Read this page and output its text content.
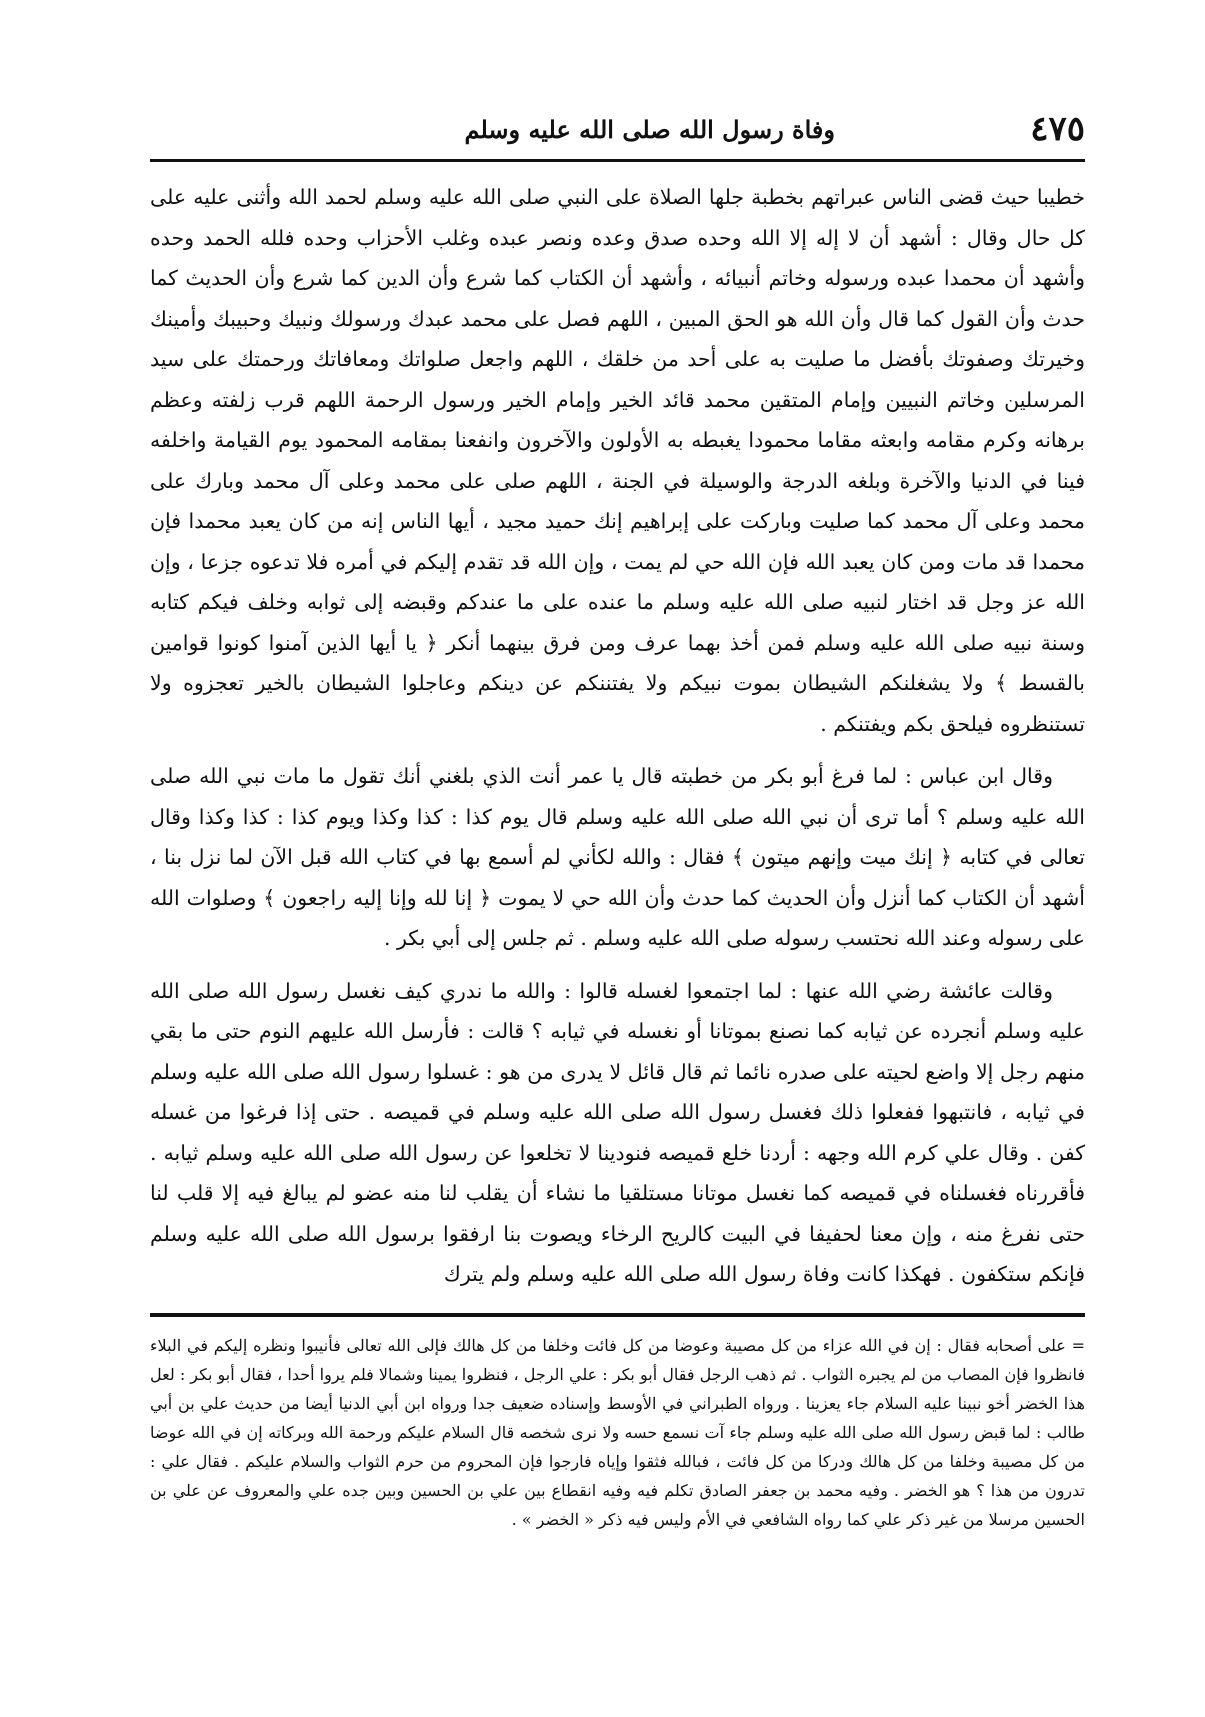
٤٧٥
وفاة رسول الله صلى الله عليه وسلم

خطيبا حيث قضى الناس عبراتهم بخطبة جلها الصلاة على النبي صلى الله عليه وسلم لحمد الله وأثنى عليه على كل حال وقال : أشهد أن لا إله إلا الله وحده صدق وعده ونصر عبده وغلب الأحزاب وحده فلله الحمد وحده وأشهد أن محمدا عبده ورسوله وخاتم أنبيائه ، وأشهد أن الكتاب كما شرع وأن الدين كما شرع وأن الحديث كما حدث وأن القول كما قال وأن الله هو الحق المبين ، اللهم فصل على محمد عبدك ورسولك ونبيك وحبيبك وأمينك وخيرتك وصفوتك بأفضل ما صليت به على أحد من خلقك ، اللهم واجعل صلواتك ومعافاتك ورحمتك على سيد المرسلين وخاتم النبيين وإمام المتقين محمد قائد الخير وإمام الخير ورسول الرحمة اللهم قرب زلفته وعظم برهانه وكرم مقامه وابعثه مقاما محمودا يغبطه به الأولون والآخرون وانفعنا بمقامه المحمود يوم القيامة واخلفه فينا في الدنيا والآخرة وبلغه الدرجة والوسيلة في الجنة ، اللهم صلى على محمد وعلى آل محمد وبارك على محمد وعلى آل محمد كما صليت وباركت على إبراهيم إنك حميد مجيد ، أيها الناس إنه من كان يعبد محمدا فإن محمدا قد مات ومن كان يعبد الله فإن الله حي لم يمت ، وإن الله قد تقدم إليكم في أمره فلا تدعوه جزعا ، وإن الله عز وجل قد اختار لنبيه صلى الله عليه وسلم ما عنده على ما عندكم وقبضه إلى ثوابه وخلف فيكم كتابه وسنة نبيه صلى الله عليه وسلم فمن أخذ بهما عرف ومن فرق بينهما أنكر ﴿ يا أيها الذين آمنوا كونوا قوامين بالقسط ﴾ ولا يشغلنكم الشيطان بموت نبيكم ولا يفتننكم عن دينكم وعاجلوا الشيطان بالخير تعجزوه ولا تستنظروه فيلحق بكم ويفتنكم .

وقال ابن عباس : لما فرغ أبو بكر من خطبته قال يا عمر أنت الذي بلغني أنك تقول ما مات نبي الله صلى الله عليه وسلم ؟ أما ترى أن نبي الله صلى الله عليه وسلم قال يوم كذا : كذا وكذا ويوم كذا : كذا وكذا وقال تعالى في كتابه ﴿ إنك ميت وإنهم ميتون ﴾ فقال : والله لكأني لم أسمع بها في كتاب الله قبل الآن لما نزل بنا ، أشهد أن الكتاب كما أنزل وأن الحديث كما حدث وأن الله حي لا يموت ﴿ إنا لله وإنا إليه راجعون ﴾ وصلوات الله على رسوله وعند الله نحتسب رسوله صلى الله عليه وسلم . ثم جلس إلى أبي بكر .

وقالت عائشة رضي الله عنها : لما اجتمعوا لغسله قالوا : والله ما ندري كيف نغسل رسول الله صلى الله عليه وسلم أنجرده عن ثيابه كما نصنع بموتانا أو نغسله في ثيابه ؟ قالت : فأرسل الله عليهم النوم حتى ما بقي منهم رجل إلا واضع لحيته على صدره نائما ثم قال قائل لا يدرى من هو : غسلوا رسول الله صلى الله عليه وسلم في ثيابه ، فانتبهوا ففعلوا ذلك فغسل رسول الله صلى الله عليه وسلم في قميصه . حتى إذا فرغوا من غسله كفن . وقال علي كرم الله وجهه : أردنا خلع قميصه فنودينا لا تخلعوا عن رسول الله صلى الله عليه وسلم ثيابه . فأقررناه فغسلناه في قميصه كما نغسل موتانا مستلقيا ما نشاء أن يقلب لنا منه عضو لم يبالغ فيه إلا قلب لنا حتى نفرغ منه ، وإن معنا لحفيفا في البيت كالريح الرخاء ويصوت بنا ارفقوا برسول الله صلى الله عليه وسلم فإنكم ستكفون . فهكذا كانت وفاة رسول الله صلى الله عليه وسلم ولم يترك

= على أصحابه فقال : إن في الله عزاء من كل مصيبة وعوضا من كل فائت وخلفا من كل هالك فإلى الله تعالى فأنيبوا ونظره إليكم في البلاء فانظروا فإن المصاب من لم يجبره الثواب . ثم ذهب الرجل فقال أبو بكر : علي الرجل ، فنظروا يمينا وشمالا فلم يروا أحدا ، فقال أبو بكر : لعل هذا الخضر أخو نبينا عليه السلام جاء يعزينا . ورواه الطبراني في الأوسط وإسناده ضعيف جدا ورواه ابن أبي الدنيا أيضا من حديث علي بن أبي طالب : لما قبض رسول الله صلى الله عليه وسلم جاء آت نسمع حسه ولا نرى شخصه قال السلام عليكم ورحمة الله وبركاته إن في الله عوضا من كل مصيبة وخلفا من كل هالك ودركا من كل فائت ، فبالله فثقوا وإياه فارجوا فإن المحروم من حرم الثواب والسلام عليكم . فقال علي : تدرون من هذا ؟ هو الخضر . وفيه محمد بن جعفر الصادق تكلم فيه وفيه انقطاع بين علي بن الحسين وبين جده علي والمعروف عن علي بن الحسين مرسلا من غير ذكر علي كما رواه الشافعي في الأم وليس فيه ذكر « الخضر » .
